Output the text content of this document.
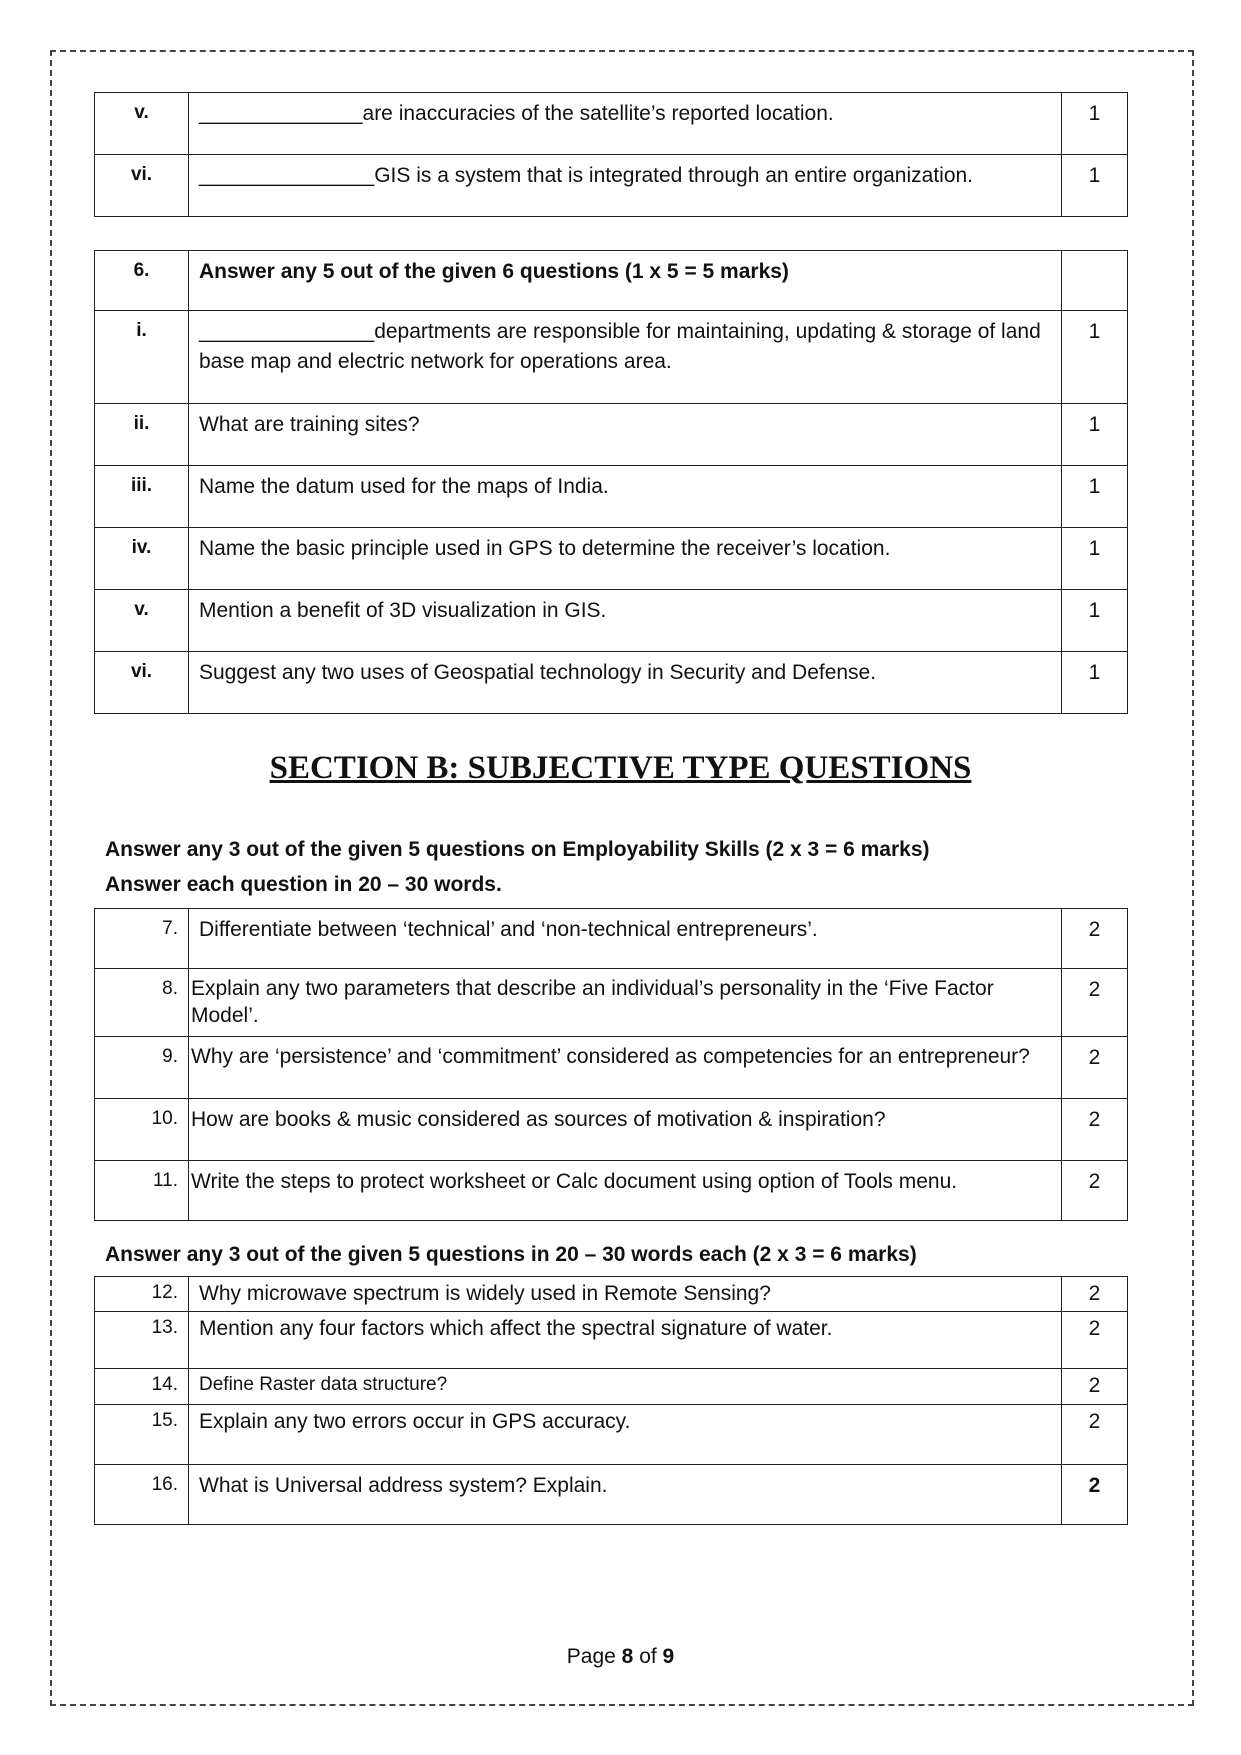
v.	______________are inaccuracies of the satellite’s reported location.	1
vi.	_______________GIS is a system that is integrated through an entire organization.	1
6.	Answer any 5 out of the given 6 questions (1 x 5 = 5 marks)	
i.	_______________departments are responsible for maintaining, updating & storage of land base map and electric network for operations area.	1
ii.	What are training sites?	1
iii.	Name the datum used for the maps of India.	1
iv.	Name the basic principle used in GPS to determine the receiver’s location.	1
v.	Mention a benefit of 3D visualization in GIS.	1
vi.	Suggest any two uses of Geospatial technology in Security and Defense.	1
SECTION B: SUBJECTIVE TYPE QUESTIONS
Answer any 3 out of the given 5 questions on Employability Skills (2 x 3 = 6 marks)
Answer each question in 20 – 30 words.
7.	Differentiate between ‘technical’ and ‘non-technical entrepreneurs’.	2
8.	Explain any two parameters that describe an individual’s personality in the ‘Five Factor Model’.	2
9.	Why are ‘persistence’ and ‘commitment’ considered as competencies for an entrepreneur?	2
10.	How are books & music considered as sources of motivation & inspiration?	2
11.	Write the steps to protect worksheet or Calc document using option of Tools menu.	2
Answer any 3 out of the given 5 questions in 20 – 30 words each (2 x 3 = 6 marks)
12.	Why microwave spectrum is widely used in Remote Sensing?	2
13.	Mention any four factors which affect the spectral signature of water.	2
14.	Define Raster data structure?	2
15.	Explain any two errors occur in GPS accuracy.	2
16.	What is Universal address system? Explain.	2
Page 8 of 9
